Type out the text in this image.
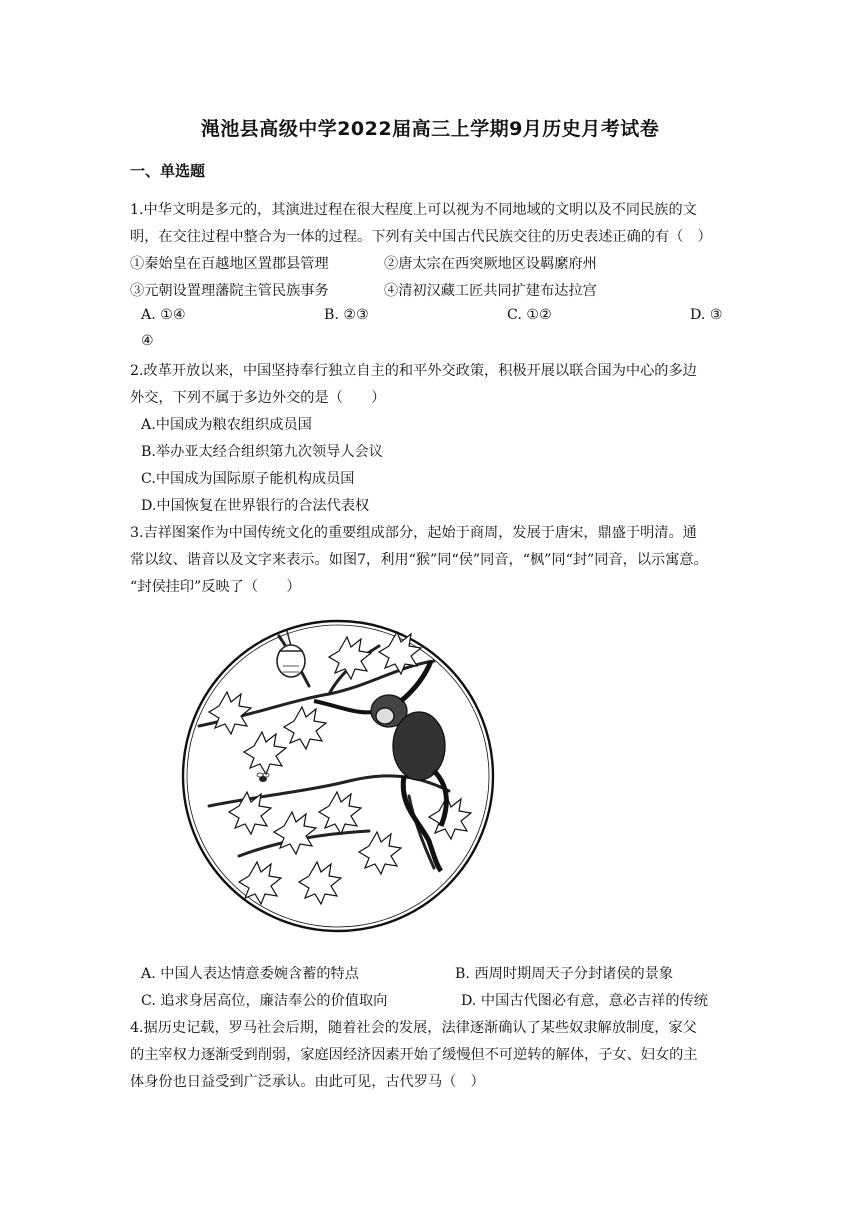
渑池县高级中学2022届高三上学期9月历史月考试卷
一、单选题
1.中华文明是多元的，其演进过程在很大程度上可以视为不同地域的文明以及不同民族的文
明，在交往过程中整合为一体的过程。下列有关中国古代民族交往的历史表述正确的有（　）
①秦始皇在百越地区置郡县管理	②唐太宗在西突厥地区设羁縻府州
③元朝设置理藩院主管民族事务	④清初汉藏工匠共同扩建布达拉宫
A. ①④	B. ②③	C. ①②	D. ③
④
2.改革开放以来，中国坚持奉行独立自主的和平外交政策，积极开展以联合国为中心的多边
外交，下列不属于多边外交的是（　　）
A.中国成为粮农组织成员国
B.举办亚太经合组织第九次领导人会议
C.中国成为国际原子能机构成员国
D.中国恢复在世界银行的合法代表权
3.吉祥图案作为中国传统文化的重要组成部分，起始于商周，发展于唐宋，鼎盛于明清。通
常以纹、谐音以及文字来表示。如图7，利用“猴”同“侯”同音，“枫”同“封”同音，以示寓意。
“封侯挂印”反映了（　　）
A. 中国人表达情意委婉含蓄的特点	B. 西周时期周天子分封诸侯的景象
C. 追求身居高位，廉洁奉公的价值取向	D. 中国古代图必有意，意必吉祥的传统
4.据历史记载，罗马社会后期，随着社会的发展，法律逐渐确认了某些奴隶解放制度，家父
的主宰权力逐渐受到削弱，家庭因经济因素开始了缓慢但不可逆转的解体，子女、妇女的主
体身份也日益受到广泛承认。由此可见，古代罗马（　）
